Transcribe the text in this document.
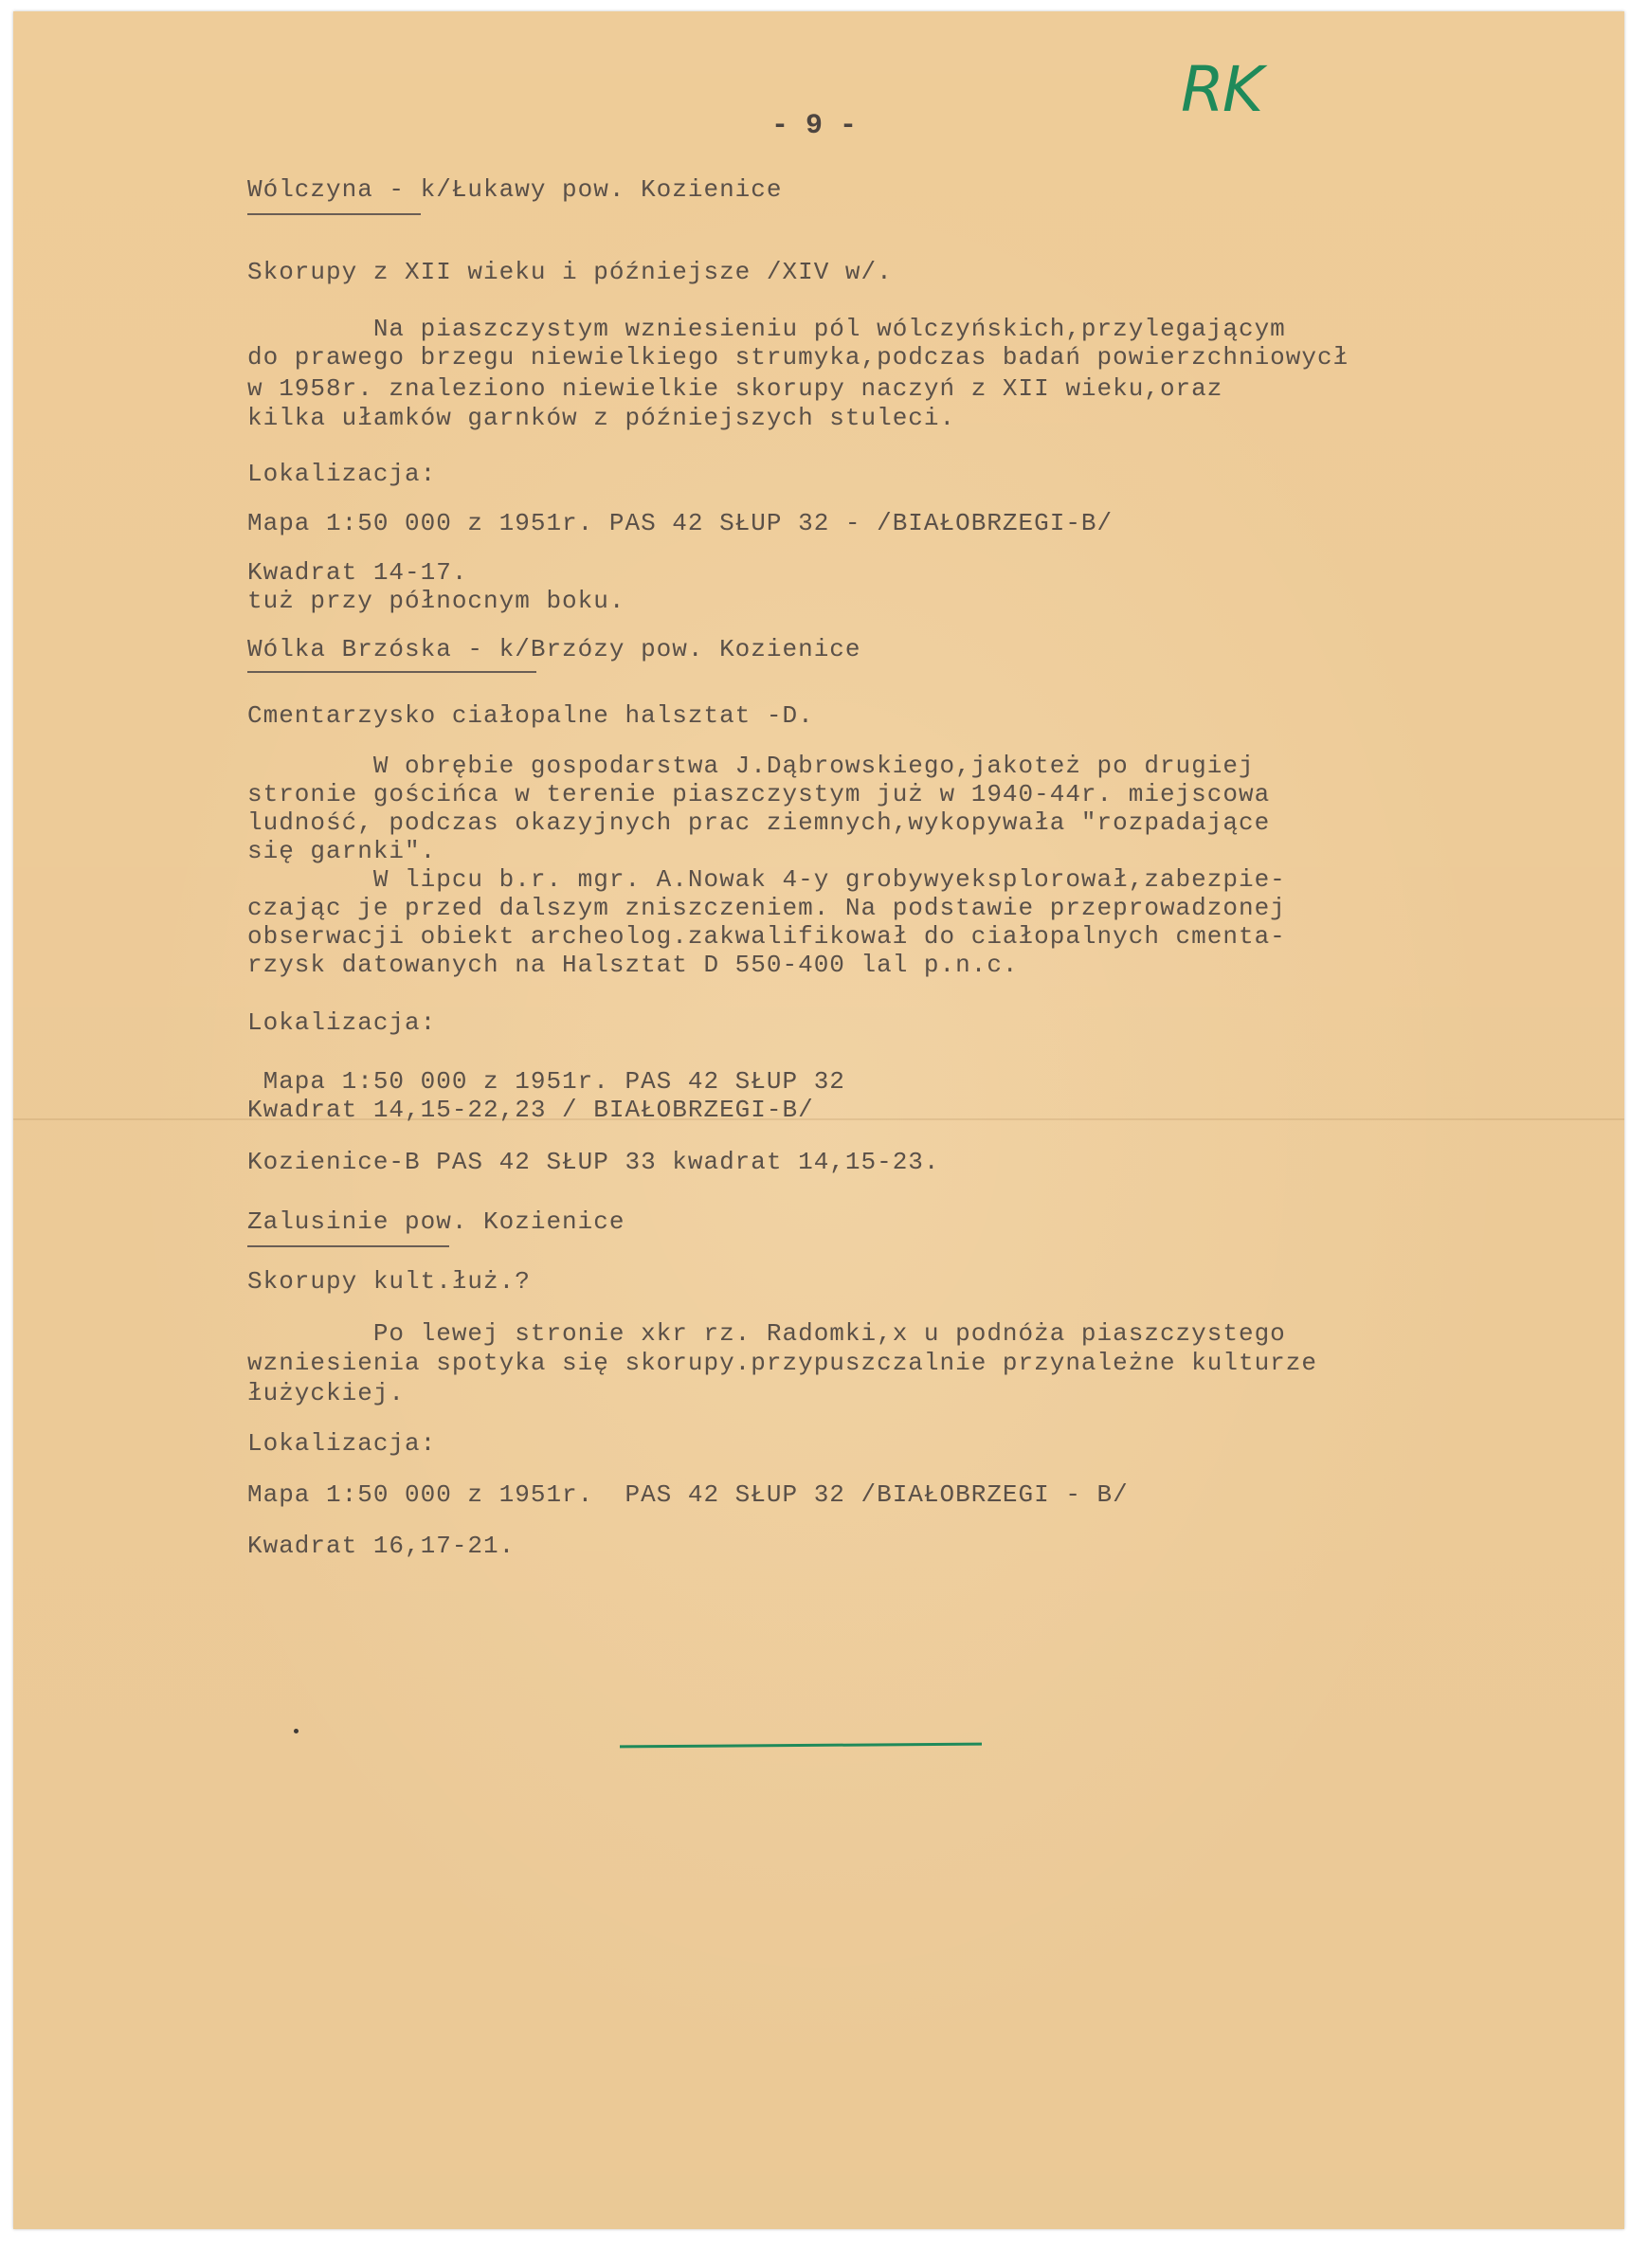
RK
- 9 -
Wólczyna - k/Łukawy pow. Kozienice
Skorupy z XII wieku i późniejsze /XIV w/.
Na piaszczystym wzniesieniu pól wólczyńskich,przylegającym
do prawego brzegu niewielkiego strumyka,podczas badań powierzchniowycł
w 1958r. znaleziono niewielkie skorupy naczyń z XII wieku,oraz
kilka ułamków garnków z późniejszych stuleci.
Lokalizacja:
Mapa 1:50 000 z 1951r. PAS 42 SŁUP 32 - /BIAŁOBRZEGI-B/
Kwadrat 14-17.
tuż przy północnym boku.
Wólka Brzóska - k/Brzózy pow. Kozienice
Cmentarzysko ciałopalne halsztat -D.
W obrębie gospodarstwa J.Dąbrowskiego,jakoteż po drugiej
stronie gościńca w terenie piaszczystym już w 1940-44r. miejscowa
ludność, podczas okazyjnych prac ziemnych,wykopywała "rozpadające
się garnki".
W lipcu b.r. mgr. A.Nowak 4-y grobywyeksplorował,zabezpie-
czając je przed dalszym zniszczeniem. Na podstawie przeprowadzonej
obserwacji obiekt archeolog.zakwalifikował do ciałopalnych cmenta-
rzysk datowanych na Halsztat D 550-400 lal p.n.c.
Lokalizacja:
Mapa 1:50 000 z 1951r. PAS 42 SŁUP 32
Kwadrat 14,15-22,23 / BIAŁOBRZEGI-B/
Kozienice-B PAS 42 SŁUP 33 kwadrat 14,15-23.
Zalusinie pow. Kozienice
Skorupy kult.łuż.?
Po lewej stronie xkr rz. Radomki,x u podnóża piaszczystego
wzniesienia spotyka się skorupy.przypuszczalnie przynależne kulturze
łużyckiej.
Lokalizacja:
Mapa 1:50 000 z 1951r.  PAS 42 SŁUP 32 /BIAŁOBRZEGI - B/
Kwadrat 16,17-21.
